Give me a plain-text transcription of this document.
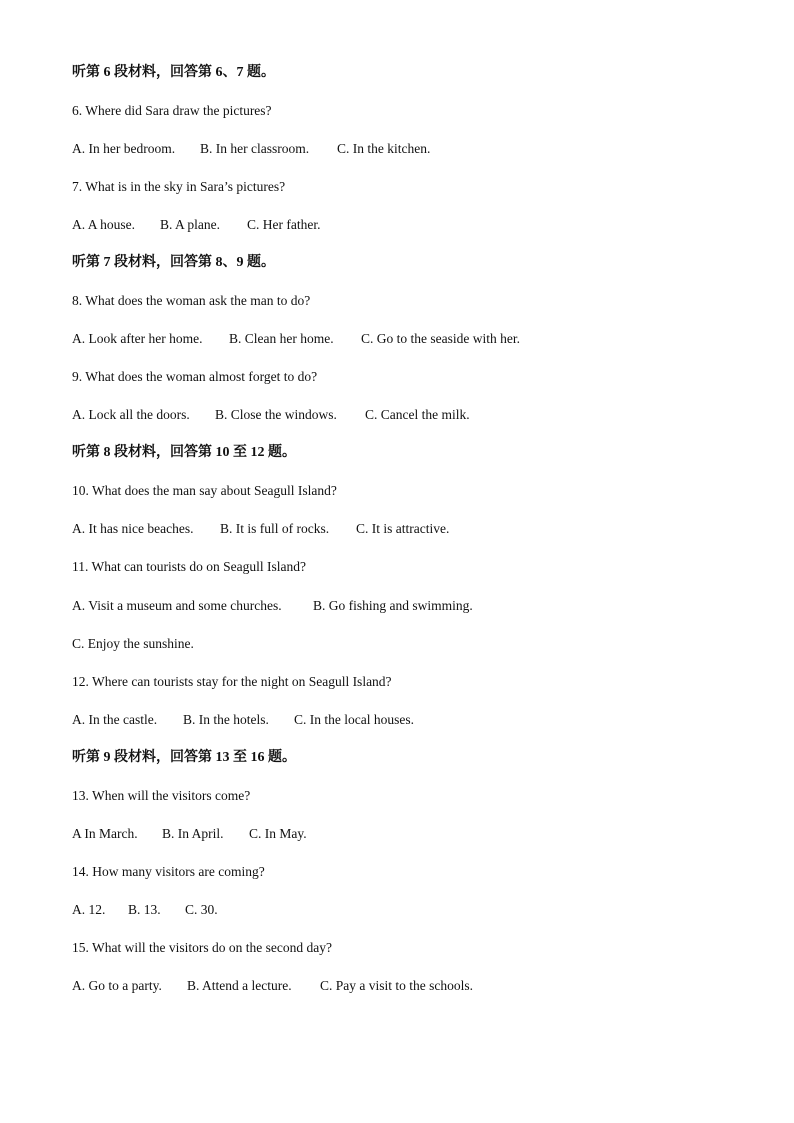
听第 6 段材料，回答第 6、7 题。
6. Where did Sara draw the pictures?
A. In her bedroom. B. In her classroom. C. In the kitchen.
7. What is in the sky in Sara’s pictures?
A. A house. B. A plane. C. Her father.
听第 7 段材料，回答第 8、9 题。
8. What does the woman ask the man to do?
A. Look after her home. B. Clean her home. C. Go to the seaside with her.
9. What does the woman almost forget to do?
A. Lock all the doors. B. Close the windows. C. Cancel the milk.
听第 8 段材料，回答第 10 至 12 题。
10. What does the man say about Seagull Island?
A. It has nice beaches. B. It is full of rocks. C. It is attractive.
11. What can tourists do on Seagull Island?
A. Visit a museum and some churches. B. Go fishing and swimming.
C. Enjoy the sunshine.
12. Where can tourists stay for the night on Seagull Island?
A. In the castle. B. In the hotels. C. In the local houses.
听第 9 段材料，回答第 13 至 16 题。
13. When will the visitors come?
A In March. B. In April. C. In May.
14. How many visitors are coming?
A. 12. B. 13. C. 30.
15. What will the visitors do on the second day?
A. Go to a party. B. Attend a lecture. C. Pay a visit to the schools.
